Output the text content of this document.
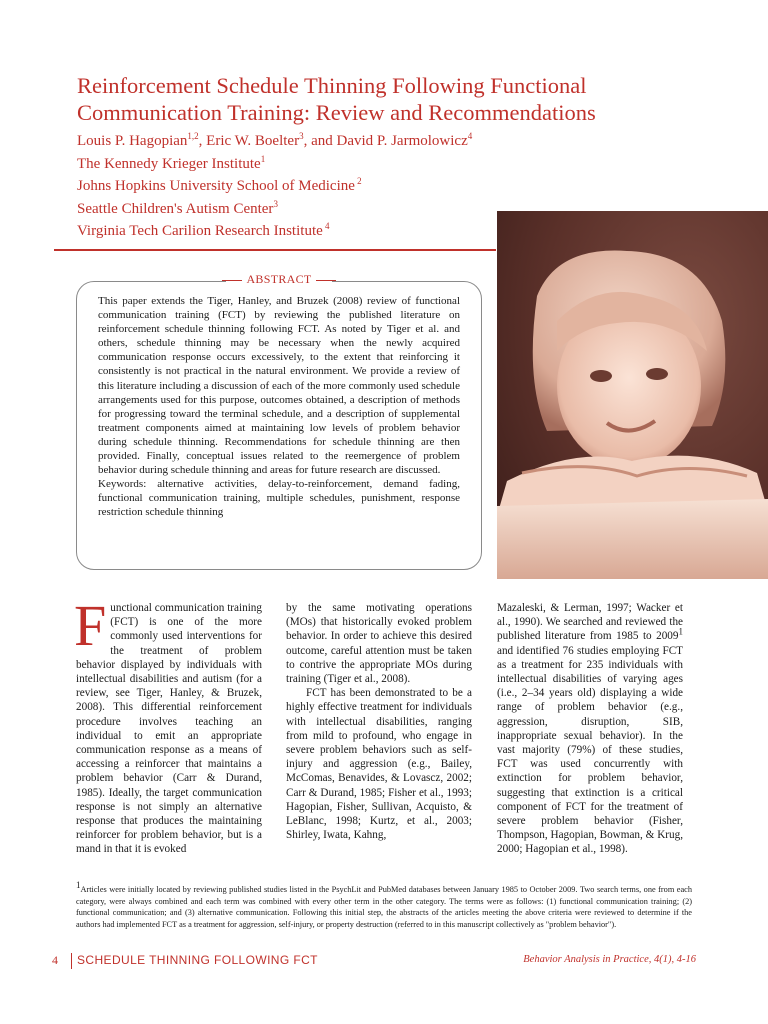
Reinforcement Schedule Thinning Following Functional Communication Training: Review and Recommendations
Louis P. Hagopian$^{1,2}$, Eric W. Boelter$^3$, and David P. Jarmolowicz$^4$
The Kennedy Krieger Institute$^1$
Johns Hopkins University School of Medicine $^2$
Seattle Children's Autism Center$^3$
Virginia Tech Carilion Research Institute $^4$
ABSTRACT

This paper extends the Tiger, Hanley, and Bruzek (2008) review of functional communication training (FCT) by reviewing the published literature on reinforcement schedule thinning following FCT. As noted by Tiger et al. and others, schedule thinning may be necessary when the newly acquired communication response occurs excessively, to the extent that reinforcing it consistently is not practical in the natural environment. We provide a review of this literature including a discussion of each of the more commonly used schedule arrangements used for this purpose, outcomes obtained, a description of methods for progressing toward the terminal schedule, and a description of supplemental treatment components aimed at maintaining low levels of problem behavior during schedule thinning. Recommendations for schedule thinning are then provided. Finally, conceptual issues related to the reemergence of problem behavior during schedule thinning and areas for future research are discussed.

Keywords: alternative activities, delay-to-reinforcement, demand fading, functional communication training, multiple schedules, punishment, response restriction schedule thinning

Functional communication training (FCT) is one of the more commonly used interventions for the treatment of problem behavior displayed by individuals with intellectual disabilities and autism (for a review, see Tiger, Hanley, & Bruzek, 2008). This differential reinforcement procedure involves teaching an individual to emit an appropriate communication response as a means of accessing a reinforcer that maintains a problem behavior (Carr & Durand, 1985). Ideally, the target communication response is not simply an alternative response that produces the maintaining reinforcer for problem behavior, but is a mand in that it is evoked

by the same motivating operations (MOs) that historically evoked problem behavior. In order to achieve this desired outcome, careful attention must be taken to contrive the appropriate MOs during training (Tiger et al., 2008).

FCT has been demonstrated to be a highly effective treatment for individuals with intellectual disabilities, ranging from mild to profound, who engage in severe problem behaviors such as self-injury and aggression (e.g., Bailey, McComas, Benavides, & Lovascz, 2002; Carr & Durand, 1985; Fisher et al., 1993; Hagopian, Fisher, Sullivan, Acquisto, & LeBlanc, 1998; Kurtz, et al., 2003; Shirley, Iwata, Kahng,

Mazaleski, & Lerman, 1997; Wacker et al., 1990). We searched and reviewed the published literature from 1985 to 2009$^1$ and identified 76 studies employing FCT as a treatment for 235 individuals with intellectual disabilities of varying ages (i.e., 2–34 years old) displaying a wide range of problem behavior (e.g., aggression, disruption, SIB, inappropriate sexual behavior). In the vast majority (79%) of these studies, FCT was used concurrently with extinction for problem behavior, suggesting that extinction is a critical component of FCT for the treatment of severe problem behavior (Fisher, Thompson, Hagopian, Bowman, & Krug, 2000; Hagopian et al., 1998).

$^1$Articles were initially located by reviewing published studies listed in the PsychLit and PubMed databases between January 1985 to October 2009. Two search terms, one from each category, were always combined and each term was combined with every other term in the other category. The terms were as follows: (1) functional communication training; (2) functional communication; and (3) alternative communication. Following this initial step, the abstracts of the articles meeting the above criteria were reviewed to determine if the authors had implemented FCT as a treatment for aggression, self-injury, or property destruction (referred to in this manuscript collectively as "problem behavior").
4 SCHEDULE THINNING FOLLOWING FCT	Behavior Analysis in Practice, 4(1), 4-16
